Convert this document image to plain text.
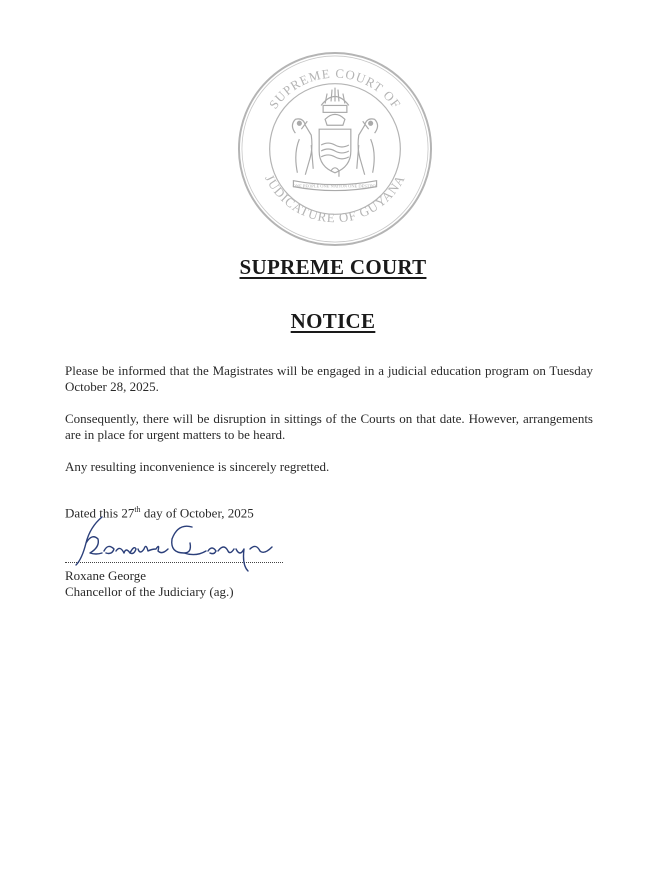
SUPREME COURT OF
JUDICATURE OF GUYANA
ONE PEOPLE ONE NATION ONE DESTINY
SUPREME COURT
NOTICE

Please be informed that the Magistrates will be engaged in a judicial education program on Tuesday October 28, 2025.

Consequently, there will be disruption in sittings of the Courts on that date. However, arrangements are in place for urgent matters to be heard.

Any resulting inconvenience is sincerely regretted.

Dated this 27th day of October, 2025
Roxane George
Chancellor of the Judiciary (ag.)
